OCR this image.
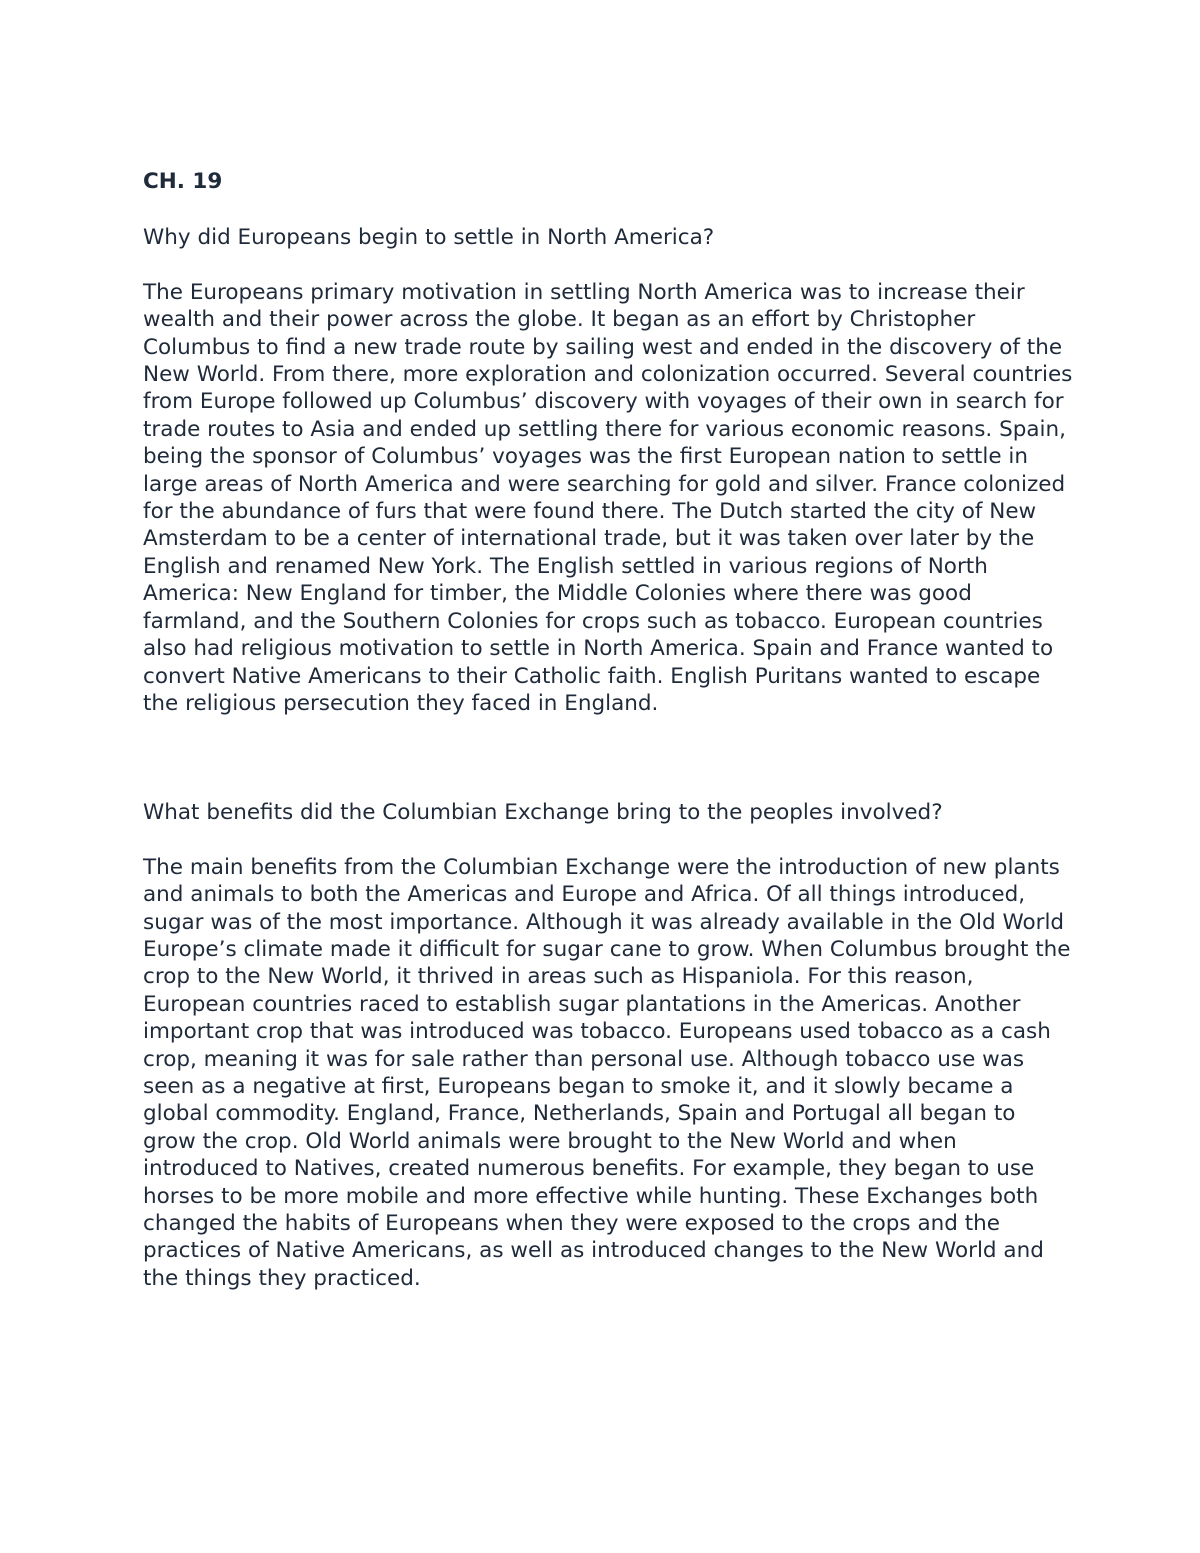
CH. 19

Why did Europeans begin to settle in North America?

The Europeans primary motivation in settling North America was to increase their wealth and their power across the globe. It began as an effort by Christopher Columbus to find a new trade route by sailing west and ended in the discovery of the New World. From there, more exploration and colonization occurred. Several countries from Europe followed up Columbus’ discovery with voyages of their own in search for trade routes to Asia and ended up settling there for various economic reasons. Spain, being the sponsor of Columbus’ voyages was the first European nation to settle in large areas of North America and were searching for gold and silver. France colonized for the abundance of furs that were found there. The Dutch started the city of New Amsterdam to be a center of international trade, but it was taken over later by the English and renamed New York. The English settled in various regions of North America: New England for timber, the Middle Colonies where there was good farmland, and the Southern Colonies for crops such as tobacco. European countries also had religious motivation to settle in North America. Spain and France wanted to convert Native Americans to their Catholic faith. English Puritans wanted to escape the religious persecution they faced in England.

What benefits did the Columbian Exchange bring to the peoples involved?

The main benefits from the Columbian Exchange were the introduction of new plants and animals to both the Americas and Europe and Africa. Of all things introduced, sugar was of the most importance. Although it was already available in the Old World Europe’s climate made it difficult for sugar cane to grow. When Columbus brought the crop to the New World, it thrived in areas such as Hispaniola. For this reason, European countries raced to establish sugar plantations in the Americas. Another important crop that was introduced was tobacco. Europeans used tobacco as a cash crop, meaning it was for sale rather than personal use. Although tobacco use was seen as a negative at first, Europeans began to smoke it, and it slowly became a global commodity. England, France, Netherlands, Spain and Portugal all began to grow the crop. Old World animals were brought to the New World and when introduced to Natives, created numerous benefits. For example, they began to use horses to be more mobile and more effective while hunting. These Exchanges both changed the habits of Europeans when they were exposed to the crops and the practices of Native Americans, as well as introduced changes to the New World and the things they practiced.
